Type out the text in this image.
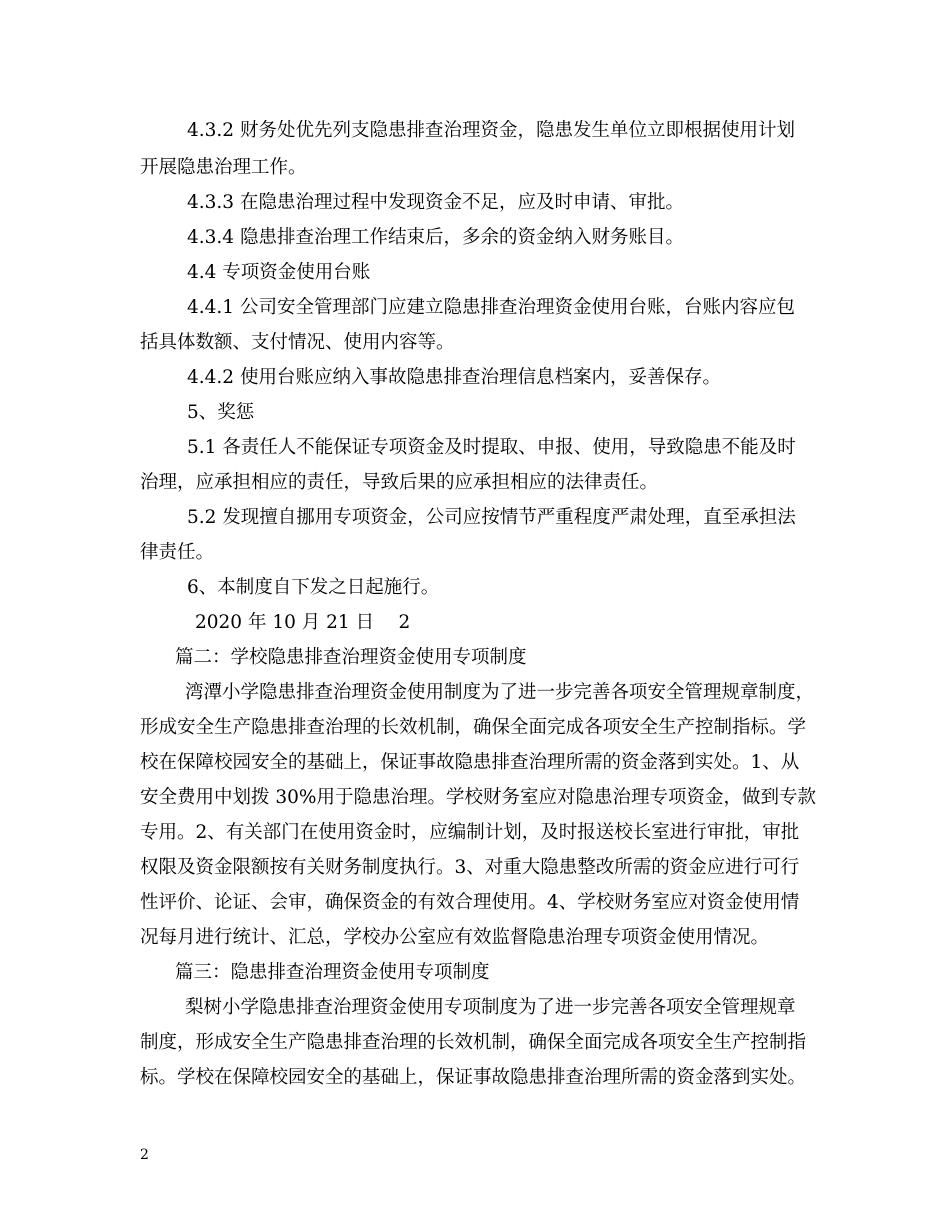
4.3.2 财务处优先列支隐患排查治理资金，隐患发生单位立即根据使用计划
开展隐患治理工作。
4.3.3 在隐患治理过程中发现资金不足，应及时申请、审批。
4.3.4 隐患排查治理工作结束后，多余的资金纳入财务账目。
4.4 专项资金使用台账
4.4.1 公司安全管理部门应建立隐患排查治理资金使用台账，台账内容应包
括具体数额、支付情况、使用内容等。
4.4.2 使用台账应纳入事故隐患排查治理信息档案内，妥善保存。
5、奖惩
5.1 各责任人不能保证专项资金及时提取、申报、使用，导致隐患不能及时
治理，应承担相应的责任，导致后果的应承担相应的法律责任。
5.2 发现擅自挪用专项资金，公司应按情节严重程度严肃处理，直至承担法
律责任。
6、本制度自下发之日起施行。
2020 年 10 月 21 日　 2
篇二：学校隐患排查治理资金使用专项制度
湾潭小学隐患排查治理资金使用制度为了进一步完善各项安全管理规章制度，
形成安全生产隐患排查治理的长效机制，确保全面完成各项安全生产控制指标。学
校在保障校园安全的基础上，保证事故隐患排查治理所需的资金落到实处。1、从
安全费用中划拨 30%用于隐患治理。学校财务室应对隐患治理专项资金，做到专款
专用。2、有关部门在使用资金时，应编制计划，及时报送校长室进行审批，审批
权限及资金限额按有关财务制度执行。3、对重大隐患整改所需的资金应进行可行
性评价、论证、会审，确保资金的有效合理使用。4、学校财务室应对资金使用情
况每月进行统计、汇总，学校办公室应有效监督隐患治理专项资金使用情况。
篇三：隐患排查治理资金使用专项制度
梨树小学隐患排查治理资金使用专项制度为了进一步完善各项安全管理规章
制度，形成安全生产隐患排查治理的长效机制，确保全面完成各项安全生产控制指
标。学校在保障校园安全的基础上，保证事故隐患排查治理所需的资金落到实处。
2
